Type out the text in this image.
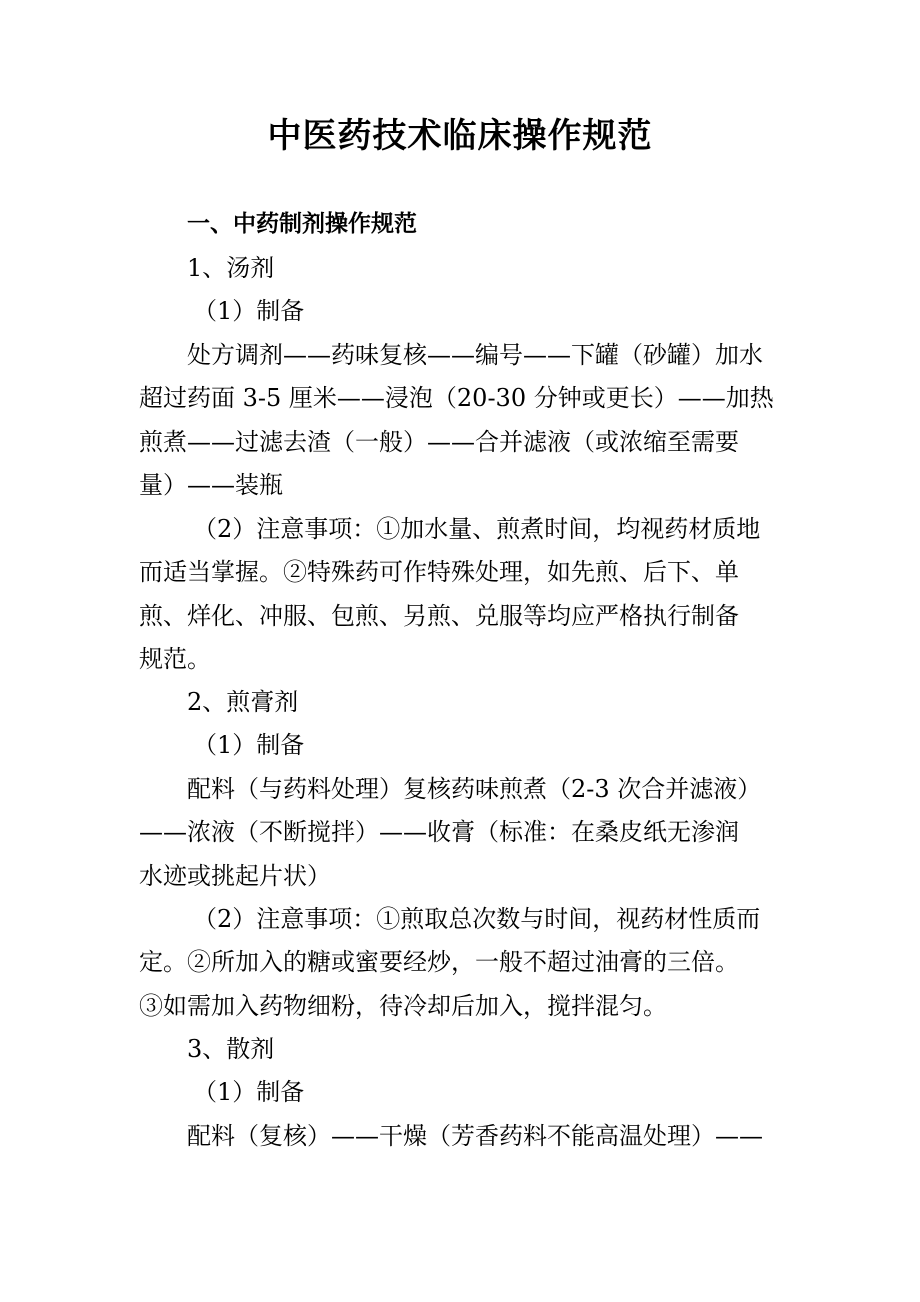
中医药技术临床操作规范
一、中药制剂操作规范
1、汤剂
（1）制备
处方调剂——药味复核——编号——下罐（砂罐）加水
超过药面 3-5 厘米——浸泡（20-30 分钟或更长）——加热
煎煮——过滤去渣（一般）——合并滤液（或浓缩至需要
量）——装瓶
（2）注意事项：①加水量、煎煮时间，均视药材质地
而适当掌握。②特殊药可作特殊处理，如先煎、后下、单
煎、烊化、冲服、包煎、另煎、兑服等均应严格执行制备
规范。
2、煎膏剂
（1）制备
配料（与药料处理）复核药味煎煮（2-3 次合并滤液）
——浓液（不断搅拌）——收膏（标准：在桑皮纸无渗润
水迹或挑起片状）
（2）注意事项：①煎取总次数与时间，视药材性质而
定。②所加入的糖或蜜要经炒，一般不超过油膏的三倍。
③如需加入药物细粉，待冷却后加入，搅拌混匀。
3、散剂
（1）制备
配料（复核）——干燥（芳香药料不能高温处理）——
